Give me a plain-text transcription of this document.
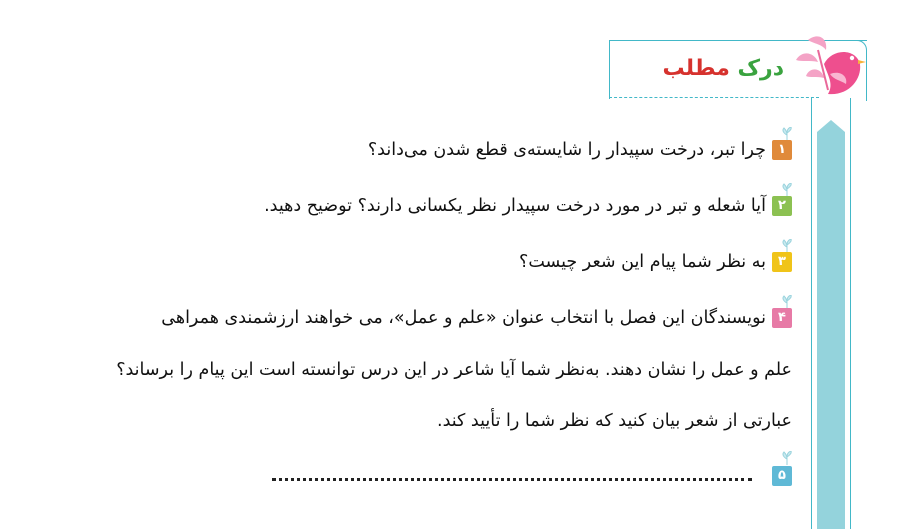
درک مطلب
۱چرا تبر، درخت سپیدار را شایسته‌ی قطع شدن می‌داند؟
۲آیا شعله و تبر در مورد درخت سپیدار نظر یکسانی دارند؟ توضیح دهید.
۳به نظر شما پیام این شعر چیست؟
۴نویسندگان این فصل با انتخاب عنوان «علم و عمل»، می خواهند ارزشمندی همراهی
علم و عمل را نشان دهند. به‌نظر شما آیا شاعر در این درس توانسته است این پیام را برساند؟
عبارتی از شعر بیان کنید که نظر شما را تأیید کند.
۵
